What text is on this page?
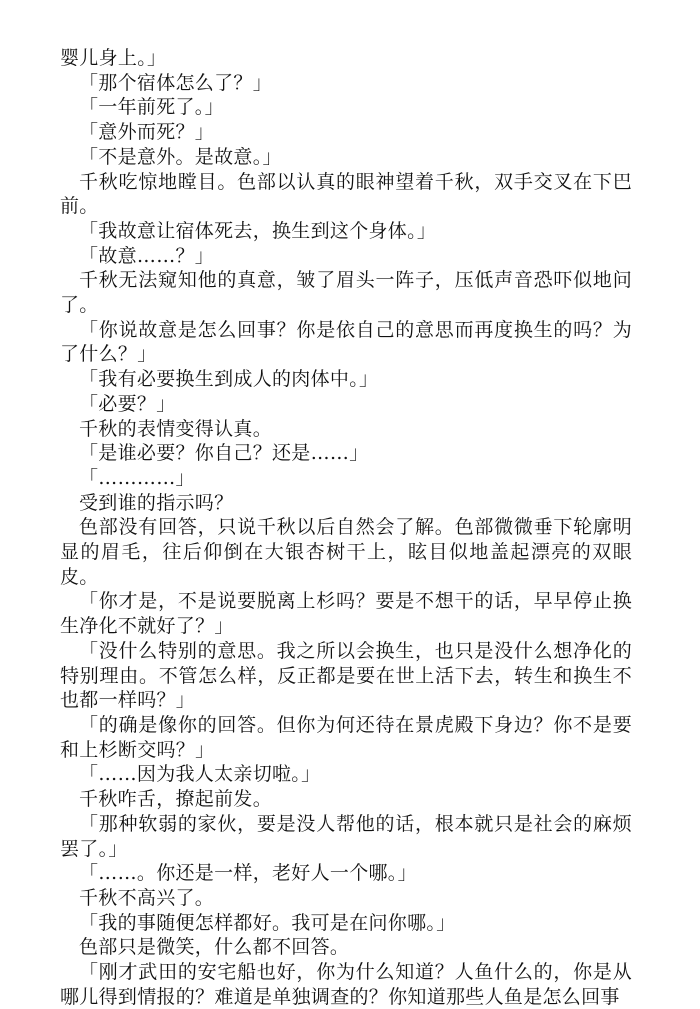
婴儿身上。」

「那个宿体怎么了？」

「一年前死了。」

「意外而死？」

「不是意外。是故意。」

千秋吃惊地瞠目。色部以认真的眼神望着千秋，双手交叉在下巴前。

「我故意让宿体死去，换生到这个身体。」

「故意……？」

千秋无法窥知他的真意，皱了眉头一阵子，压低声音恐吓似地问了。

「你说故意是怎么回事？你是依自己的意思而再度换生的吗？为了什么？」

「我有必要换生到成人的肉体中。」

「必要？」

千秋的表情变得认真。

「是谁必要？你自己？还是……」

「…………」

受到谁的指示吗？

色部没有回答，只说千秋以后自然会了解。色部微微垂下轮廓明显的眉毛，往后仰倒在大银杏树干上，眩目似地盖起漂亮的双眼皮。

「你才是，不是说要脱离上杉吗？要是不想干的话，早早停止换生净化不就好了？」

「没什么特别的意思。我之所以会换生，也只是没什么想净化的特别理由。不管怎么样，反正都是要在世上活下去，转生和换生不也都一样吗？」

「的确是像你的回答。但你为何还待在景虎殿下身边？你不是要和上杉断交吗？」

「……因为我人太亲切啦。」

千秋咋舌，撩起前发。

「那种软弱的家伙，要是没人帮他的话，根本就只是社会的麻烦罢了。」

「……。你还是一样，老好人一个哪。」

千秋不高兴了。

「我的事随便怎样都好。我可是在问你哪。」

色部只是微笑，什么都不回答。

「刚才武田的安宅船也好，你为什么知道？人鱼什么的，你是从哪儿得到情报的？难道是单独调查的？你知道那些人鱼是怎么回事
